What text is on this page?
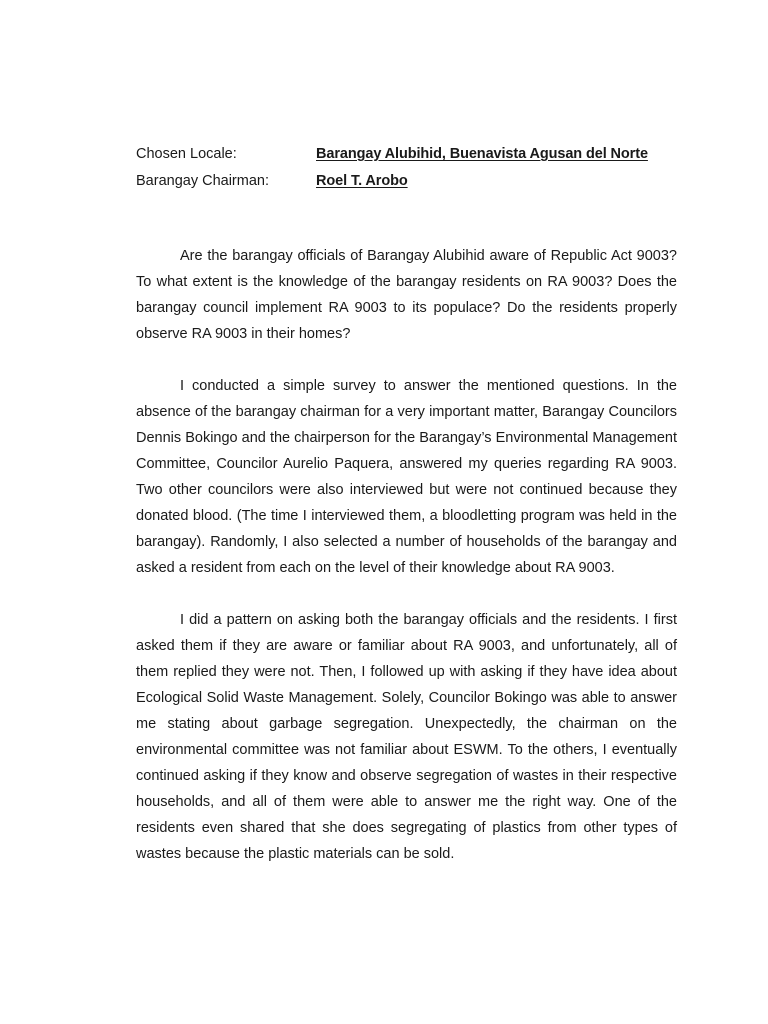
Chosen Locale:	Barangay Alubihid, Buenavista Agusan del Norte
Barangay Chairman:	Roel T. Arobo

Are the barangay officials of Barangay Alubihid aware of Republic Act 9003? To what extent is the knowledge of the barangay residents on RA 9003? Does the barangay council implement RA 9003 to its populace? Do the residents properly observe RA 9003 in their homes?

I conducted a simple survey to answer the mentioned questions. In the absence of the barangay chairman for a very important matter, Barangay Councilors Dennis Bokingo and the chairperson for the Barangay’s Environmental Management Committee, Councilor Aurelio Paquera, answered my queries regarding RA 9003. Two other councilors were also interviewed but were not continued because they donated blood. (The time I interviewed them, a bloodletting program was held in the barangay). Randomly, I also selected a number of households of the barangay and asked a resident from each on the level of their knowledge about RA 9003.

I did a pattern on asking both the barangay officials and the residents. I first asked them if they are aware or familiar about RA 9003, and unfortunately, all of them replied they were not. Then, I followed up with asking if they have idea about Ecological Solid Waste Management. Solely, Councilor Bokingo was able to answer me stating about garbage segregation. Unexpectedly, the chairman on the environmental committee was not familiar about ESWM. To the others, I eventually continued asking if they know and observe segregation of wastes in their respective households, and all of them were able to answer me the right way. One of the residents even shared that she does segregating of plastics from other types of wastes because the plastic materials can be sold.
